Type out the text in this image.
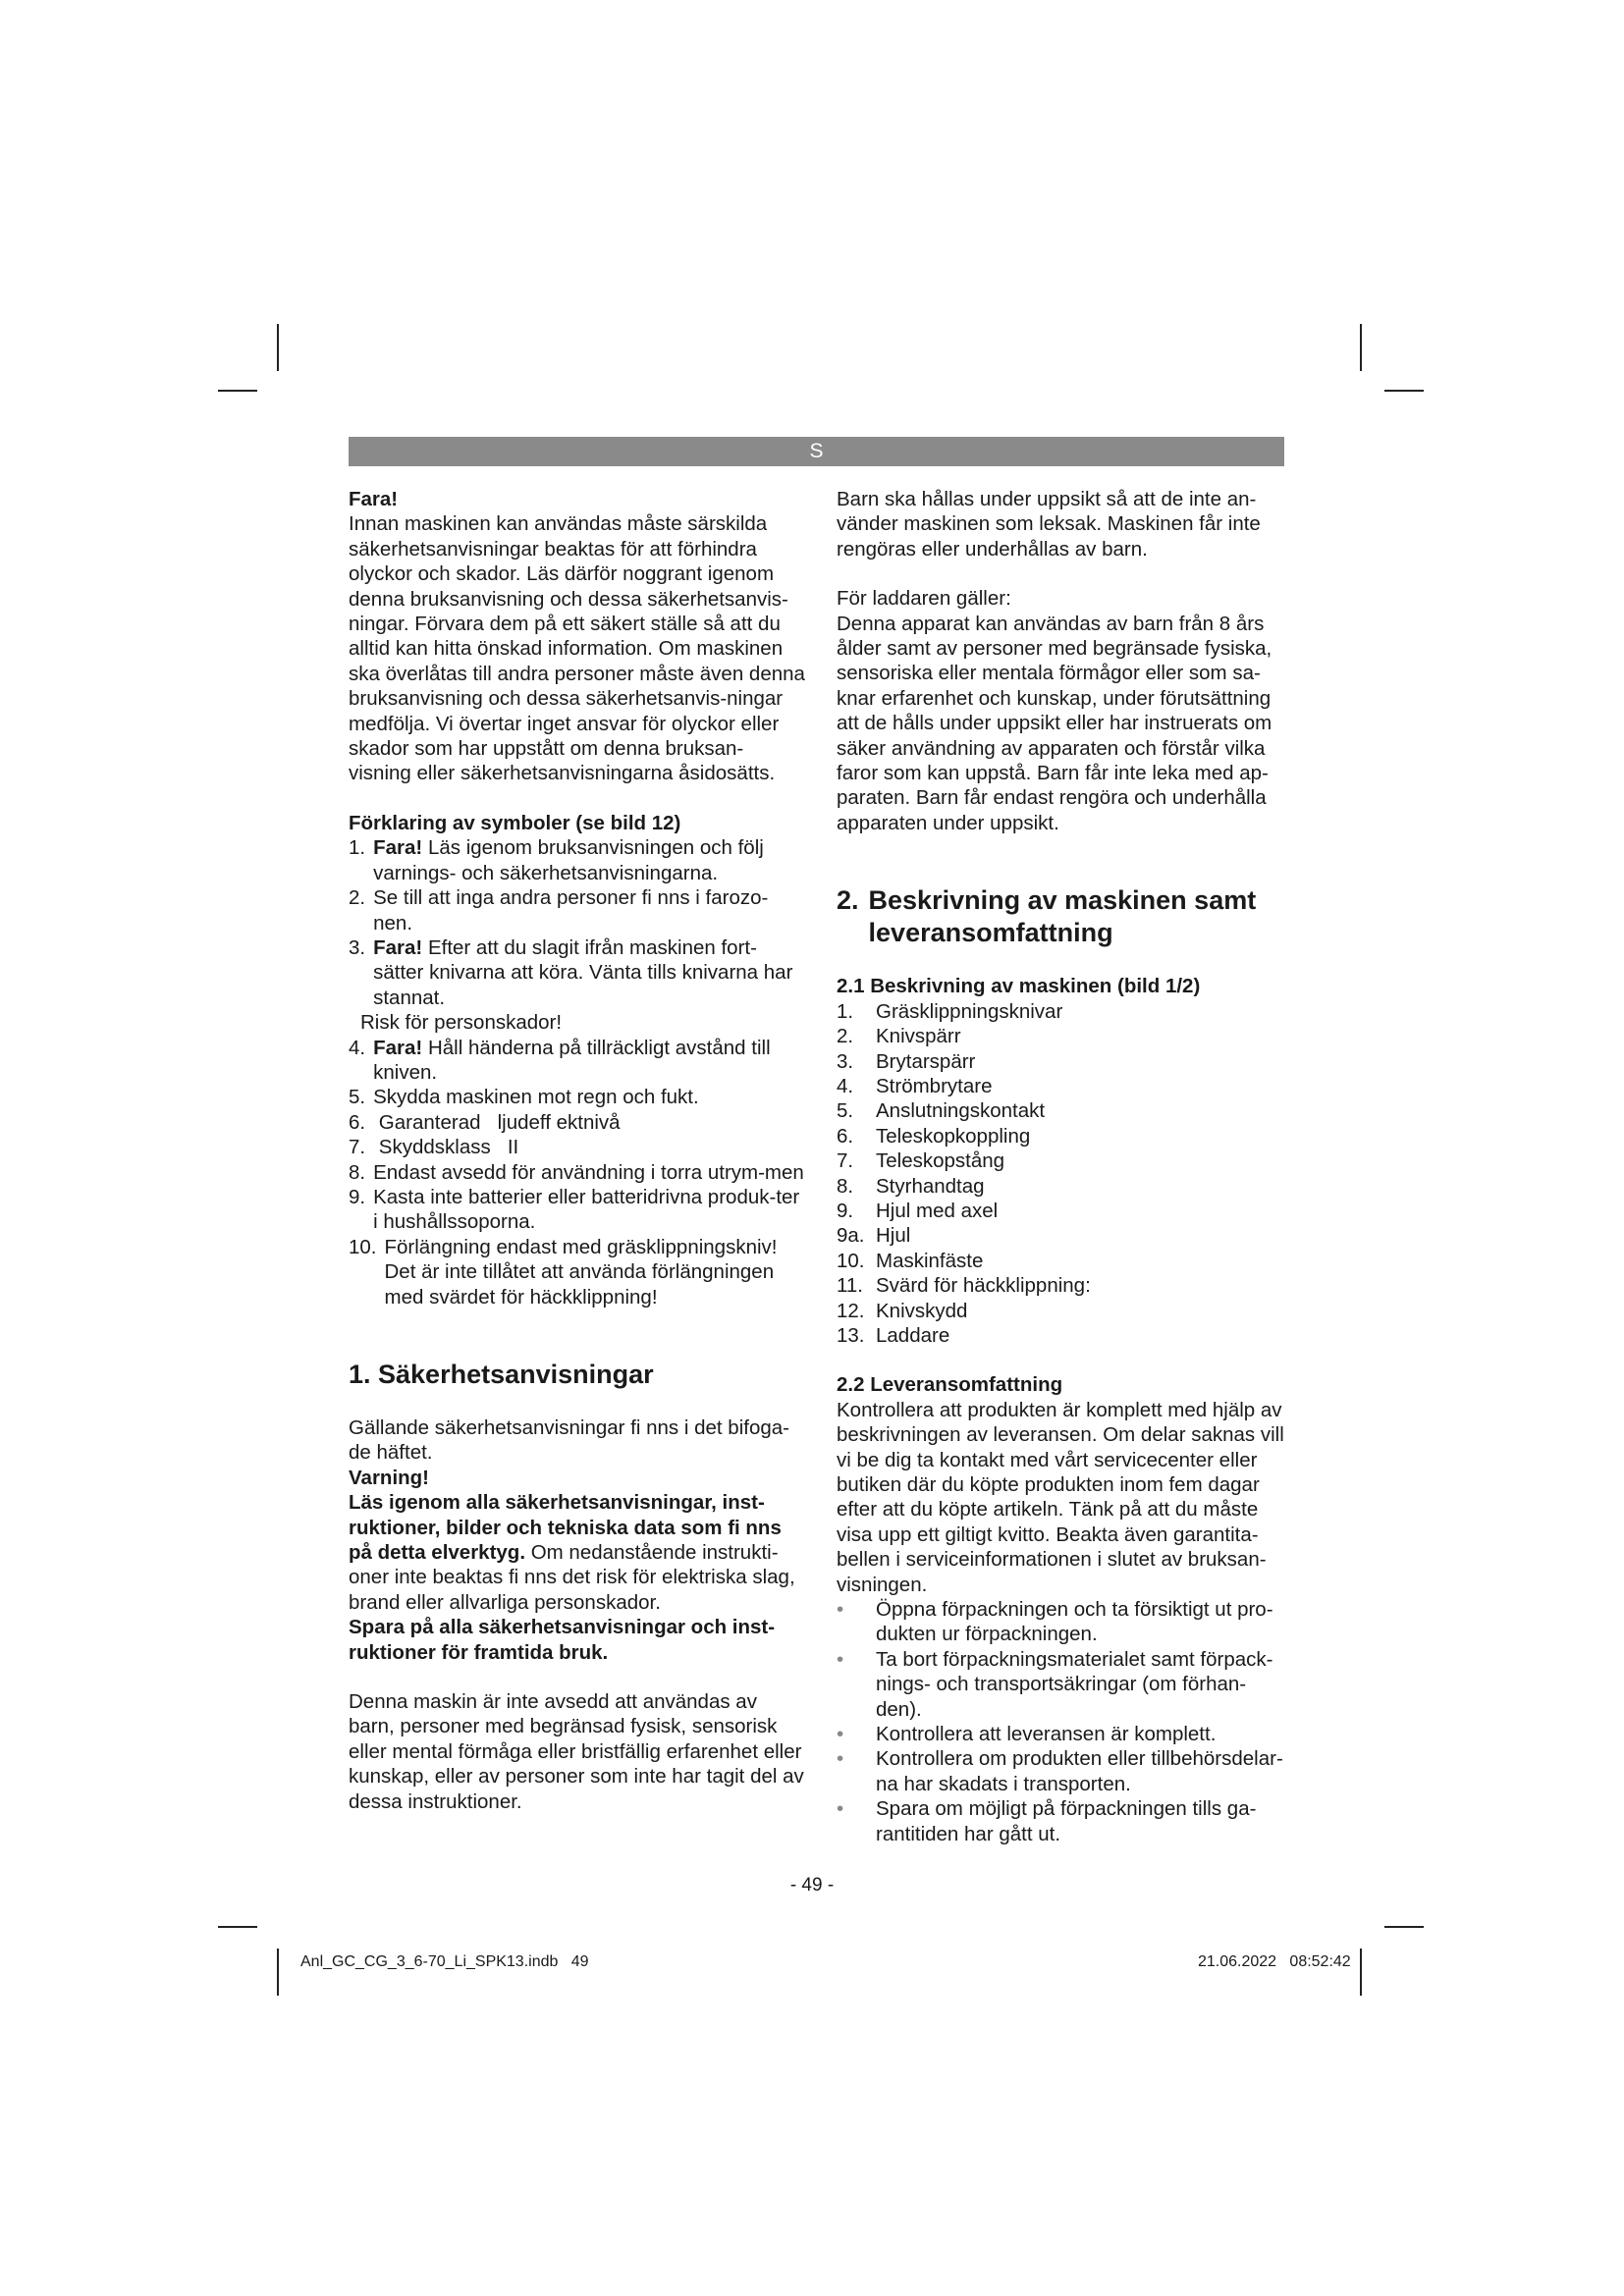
S

Fara!

Innan maskinen kan användas måste särskilda säkerhetsanvisningar beaktas för att förhindra olyckor och skador. Läs därför noggrant igenom denna bruksanvisning och dessa säkerhetsanvis-ningar. Förvara dem på ett säkert ställe så att du alltid kan hitta önskad information. Om maskinen ska överlåtas till andra personer måste även denna bruksanvisning och dessa säkerhetsanvis-ningar medfölja. Vi övertar inget ansvar för olyckor eller skador som har uppstått om denna bruksan-visning eller säkerhetsanvisningarna åsidosätts.

Förklaring av symboler (se bild 12)

1. Fara! Läs igenom bruksanvisningen och följ varnings- och säkerhetsanvisningarna.
2. Se till att inga andra personer fi nns i farozo-nen.
3. Fara! Efter att du slagit ifrån maskinen fort-sätter knivarna att köra. Vänta tills knivarna har stannat.
Risk för personskador!
4. Fara! Håll händerna på tillräckligt avstånd till kniven.
5. Skydda maskinen mot regn och fukt.
6. Garanterad   ljudeff ektnivå
7. Skyddsklass   II
8. Endast avsedd för användning i torra utrym-men
9. Kasta inte batterier eller batteridrivna produk-ter i hushållssoporna.
10. Förlängning endast med gräsklippningskniv! Det är inte tillåtet att använda förlängningen med svärdet för häckklippning!

1. Säkerhetsanvisningar

Gällande säkerhetsanvisningar fi nns i det bifoga-de häftet.

Varning!

Läs igenom alla säkerhetsanvisningar, inst-ruktioner, bilder och tekniska data som fi nns på detta elverktyg. Om nedanstående instrukti-oner inte beaktas fi nns det risk för elektriska slag, brand eller allvarliga personskador.

Spara på alla säkerhetsanvisningar och inst-ruktioner för framtida bruk.

Denna maskin är inte avsedd att användas av barn, personer med begränsad fysisk, sensorisk eller mental förmåga eller bristfällig erfarenhet eller kunskap, eller av personer som inte har tagit del av dessa instruktioner.

Barn ska hållas under uppsikt så att de inte an-vänder maskinen som leksak. Maskinen får inte rengöras eller underhållas av barn.

För laddaren gäller:

Denna apparat kan användas av barn från 8 års ålder samt av personer med begränsade fysiska, sensoriska eller mentala förmågor eller som sa-knar erfarenhet och kunskap, under förutsättning att de hålls under uppsikt eller har instruerats om säker användning av apparaten och förstår vilka faror som kan uppstå. Barn får inte leka med ap-paraten. Barn får endast rengöra och underhålla apparaten under uppsikt.

2. Beskrivning av maskinen samt leveransomfattning

2.1 Beskrivning av maskinen (bild 1/2)

1.	Gräsklippningsknivar
2.	Knivspärr
3.	Brytarspärr
4.	Strömbrytare
5.	Anslutningskontakt
6.	Teleskopkoppling
7.	Teleskopstång
8.	Styrhandtag
9.	Hjul med axel
9a. Hjul
10. Maskinfäste
11. Svärd för häckklippning:
12. Knivskydd
13. Laddare

2.2 Leveransomfattning

Kontrollera att produkten är komplett med hjälp av beskrivningen av leveransen. Om delar saknas vill vi be dig ta kontakt med vårt servicecenter eller butiken där du köpte produkten inom fem dagar efter att du köpte artikeln. Tänk på att du måste visa upp ett giltigt kvitto. Beakta även garantita-bellen i serviceinformationen i slutet av bruksan-visningen.

•	Öppna förpackningen och ta försiktigt ut pro-dukten ur förpackningen.
•	Ta bort förpackningsmaterialet samt förpack-nings- och transportsäkringar (om förhan-den).
•	Kontrollera att leveransen är komplett.
•	Kontrollera om produkten eller tillbehörsdelar-na har skadats i transporten.
•	Spara om möjligt på förpackningen tills ga-rantitiden har gått ut.
- 49 -
Anl_GC_CG_3_6-70_Li_SPK13.indb   49	21.06.2022   08:52:42
